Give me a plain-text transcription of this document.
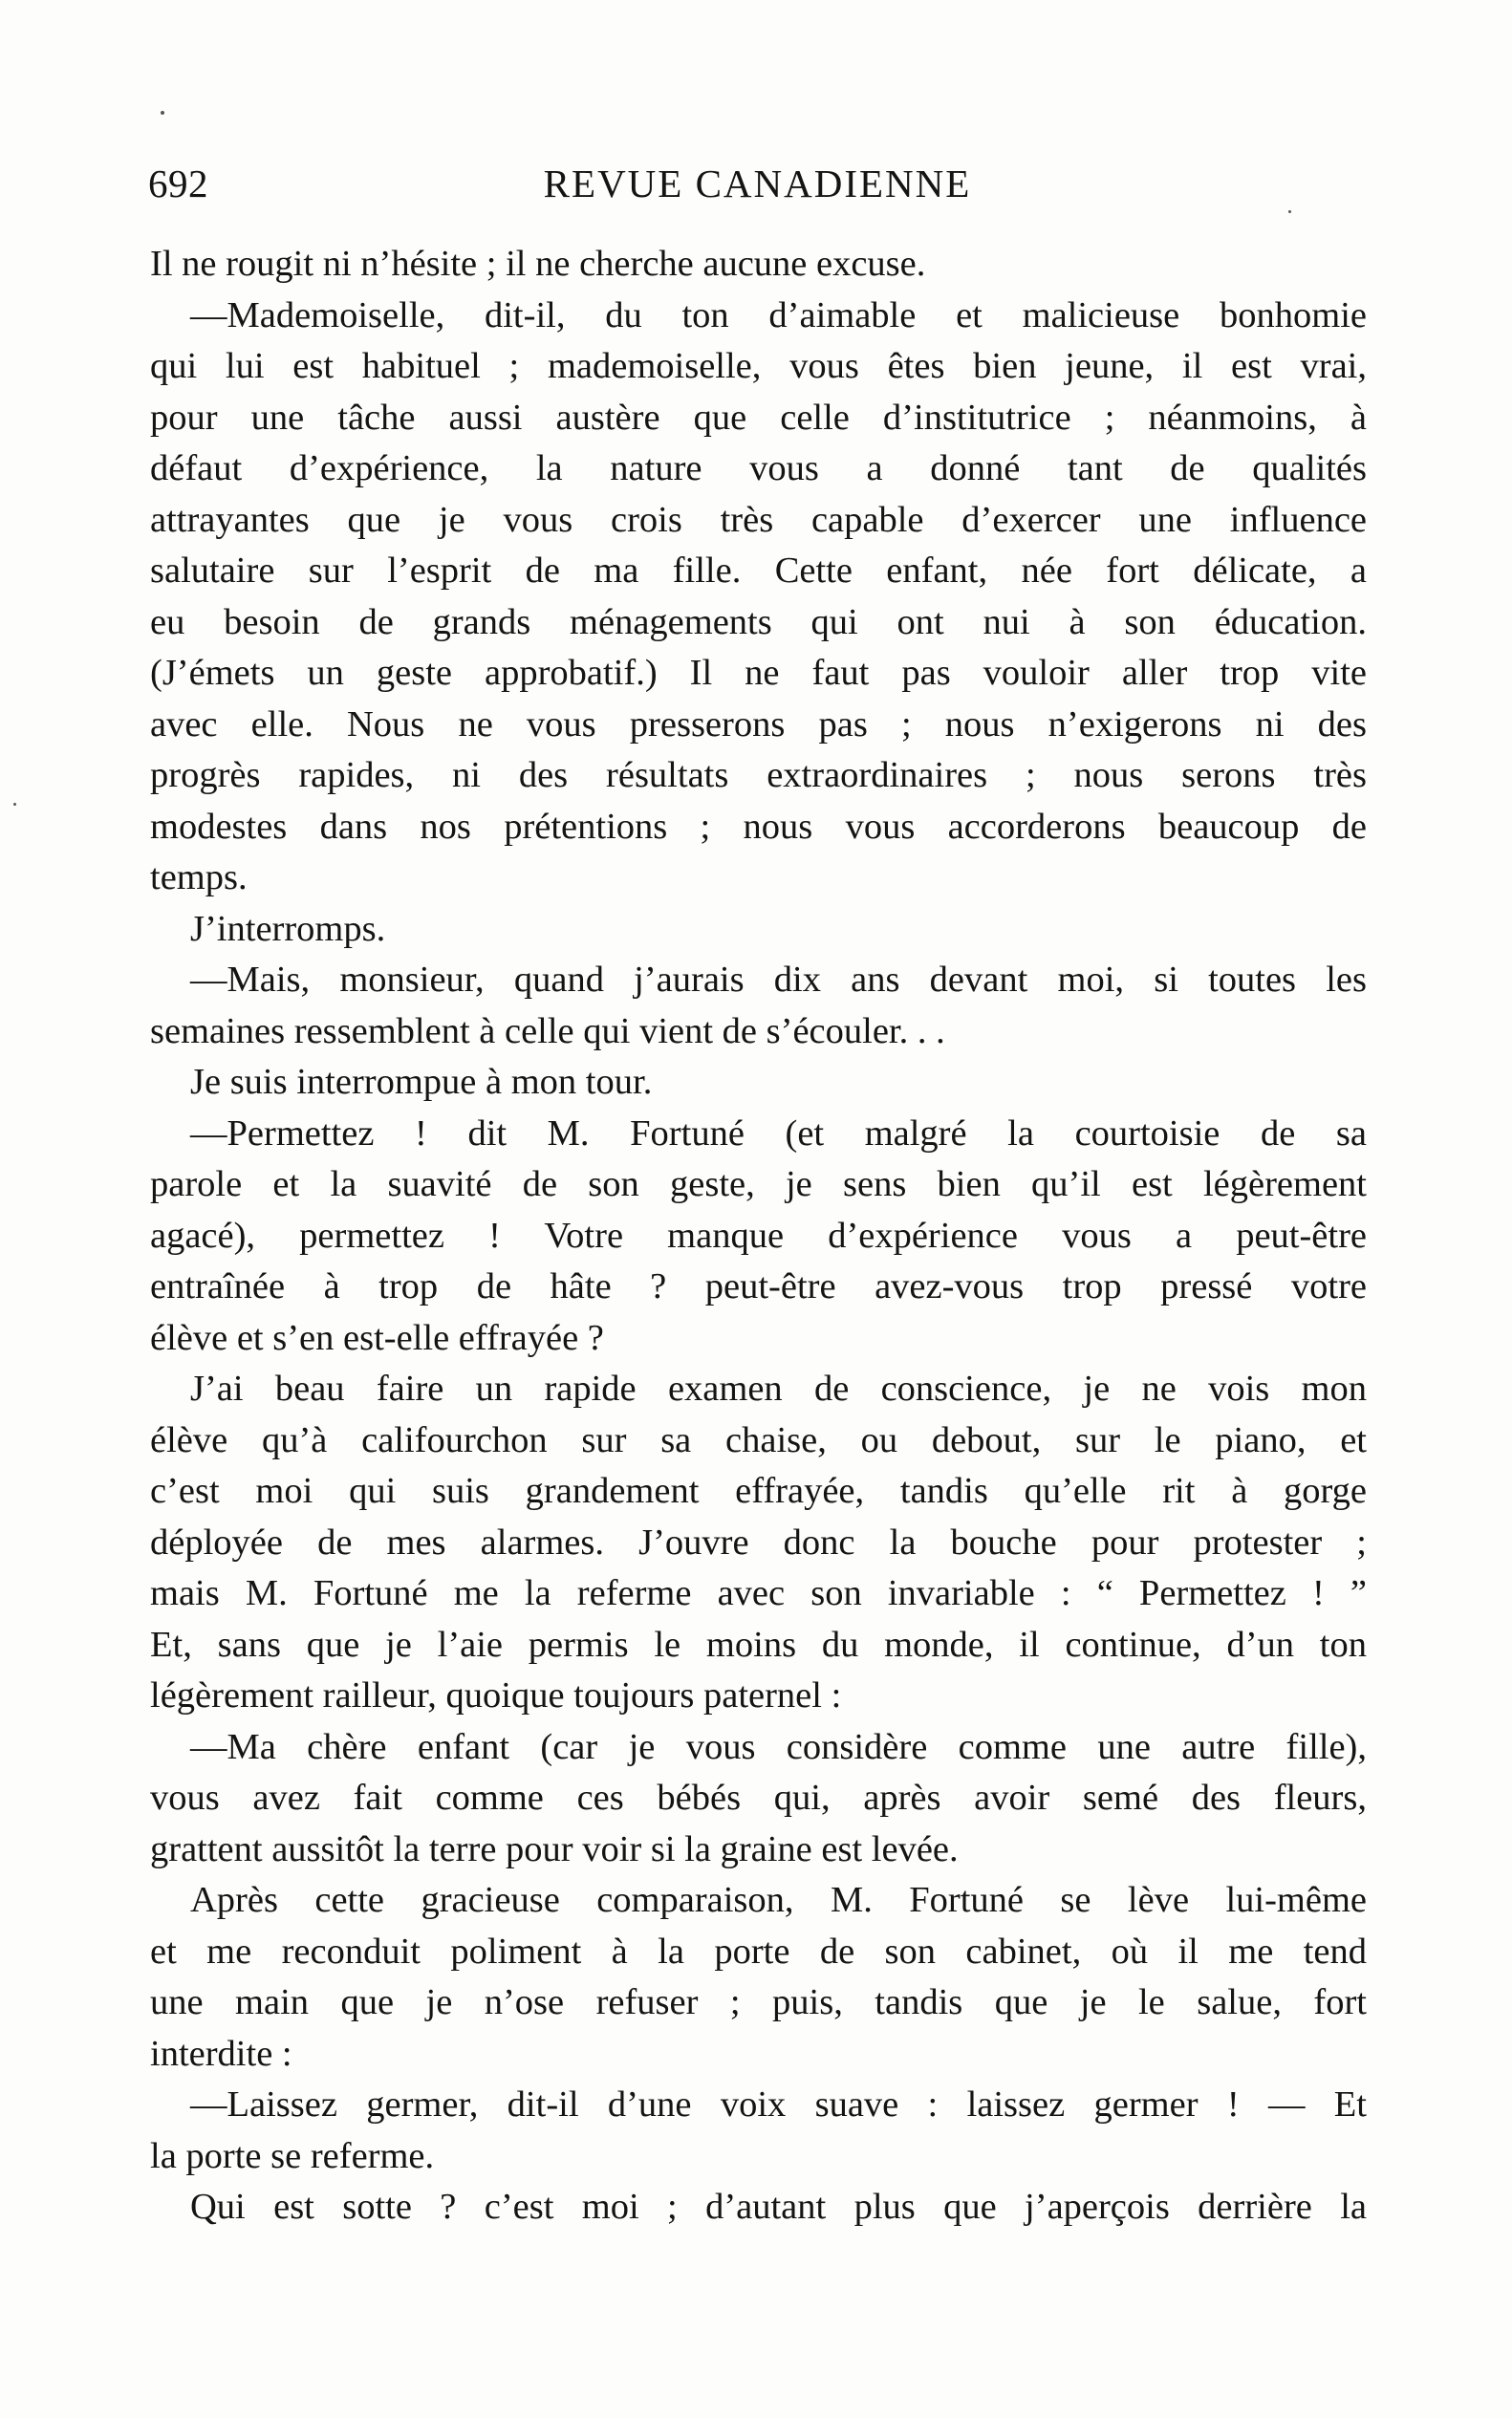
692	REVUE CANADIENNE
Il ne rougit ni n’hésite ; il ne cherche aucune excuse.
—Mademoiselle, dit-il, du ton d’aimable et malicieuse bonhomie
qui lui est habituel ; mademoiselle, vous êtes bien jeune, il est vrai,
pour une tâche aussi austère que celle d’institutrice ; néanmoins, à
défaut d’expérience, la nature vous a donné tant de qualités
attrayantes que je vous crois très capable d’exercer une influence
salutaire sur l’esprit de ma fille. Cette enfant, née fort délicate, a
eu besoin de grands ménagements qui ont nui à son éducation.
(J’émets un geste approbatif.) Il ne faut pas vouloir aller trop vite
avec elle. Nous ne vous presserons pas ; nous n’exigerons ni des
progrès rapides, ni des résultats extraordinaires ; nous serons très
modestes dans nos prétentions ; nous vous accorderons beaucoup de
temps.
J’interromps.
—Mais, monsieur, quand j’aurais dix ans devant moi, si toutes les
semaines ressemblent à celle qui vient de s’écouler. . .
Je suis interrompue à mon tour.
—Permettez ! dit M. Fortuné (et malgré la courtoisie de sa
parole et la suavité de son geste, je sens bien qu’il est légèrement
agacé), permettez ! Votre manque d’expérience vous a peut-être
entraînée à trop de hâte ? peut-être avez-vous trop pressé votre
élève et s’en est-elle effrayée ?
J’ai beau faire un rapide examen de conscience, je ne vois mon
élève qu’à califourchon sur sa chaise, ou debout, sur le piano, et
c’est moi qui suis grandement effrayée, tandis qu’elle rit à gorge
déployée de mes alarmes. J’ouvre donc la bouche pour protester ;
mais M. Fortuné me la referme avec son invariable : “ Permettez ! ”
Et, sans que je l’aie permis le moins du monde, il continue, d’un ton
légèrement railleur, quoique toujours paternel :
—Ma chère enfant (car je vous considère comme une autre fille),
vous avez fait comme ces bébés qui, après avoir semé des fleurs,
grattent aussitôt la terre pour voir si la graine est levée.
Après cette gracieuse comparaison, M. Fortuné se lève lui-même
et me reconduit poliment à la porte de son cabinet, où il me tend
une main que je n’ose refuser ; puis, tandis que je le salue, fort
interdite :
—Laissez germer, dit-il d’une voix suave : laissez germer ! — Et
la porte se referme.
Qui est sotte ? c’est moi ; d’autant plus que j’aperçois derrière la
